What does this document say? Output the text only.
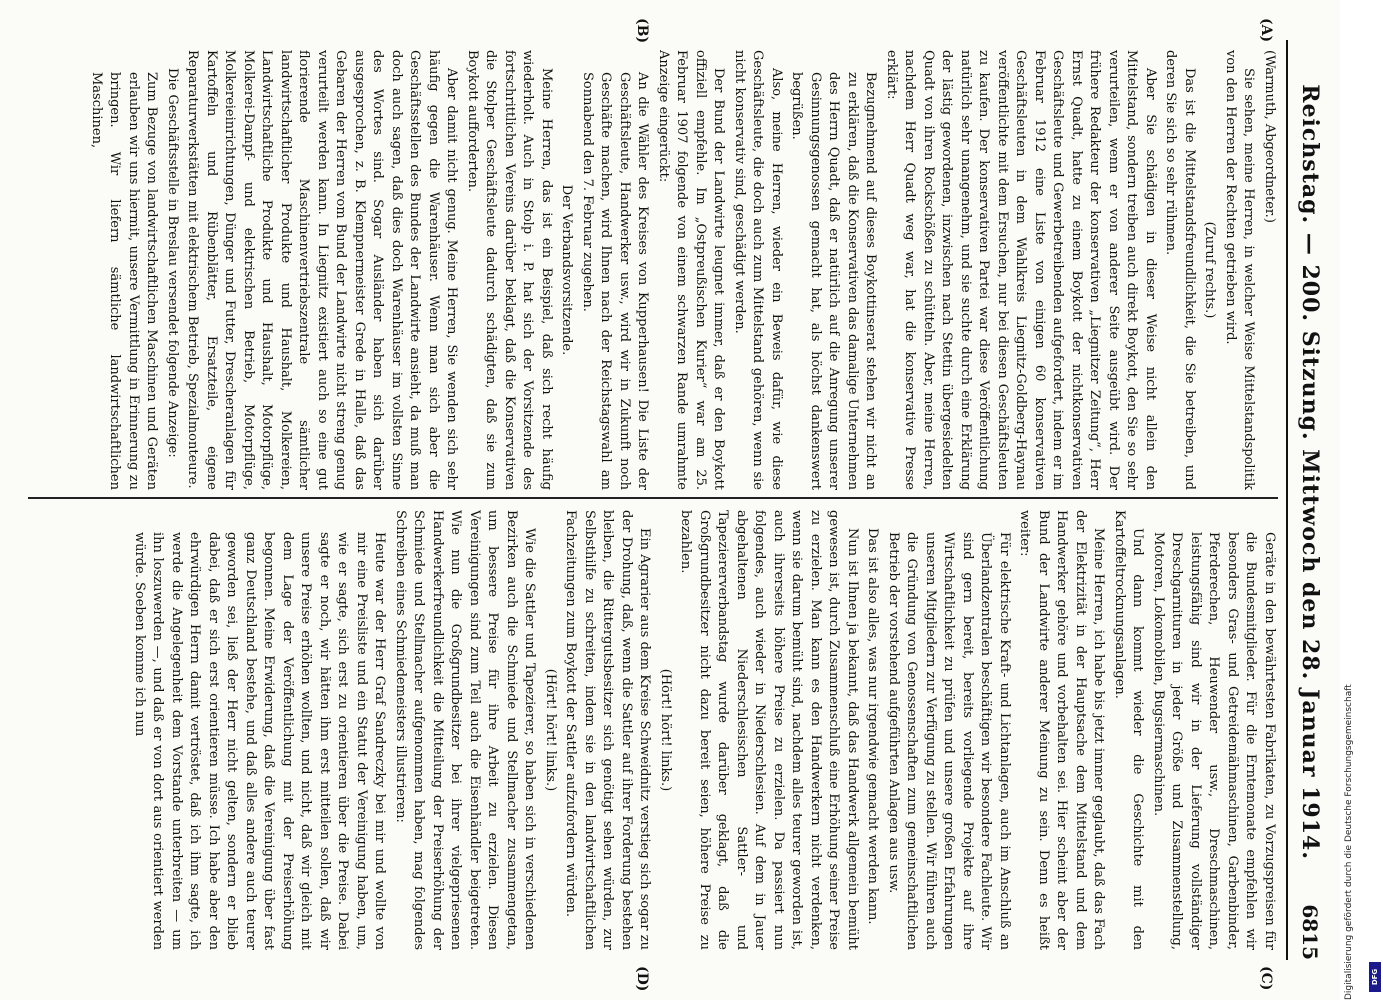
Reichstag. — 200. Sitzung. Mittwoch den 28. Januar 1914.
6815
(A)
(B)
(C)
(D)

(Warmuth, Abgeordneter.)

Sie sehen, meine Herren, in welcher Weise Mittelstandspolitik von den Herren der Rechten getrieben wird.

(Zuruf rechts.)

Das ist die Mittelstandsfreundlichkeit, die Sie betreiben, und deren Sie sich so sehr rühmen.

Aber Sie schädigen in dieser Weise nicht allein den Mittelstand, sondern treiben auch direkt Boykott, den Sie so sehr verurteilen, wenn er von anderer Seite ausgeübt wird. Der frühere Redakteur der konservativen „Liegnitzer Zeitung“, Herr Ernst Quadt, hatte zu einem Boykott der nichtkonservativen Geschäftsleute und Gewerbetreibenden aufgefordert, indem er im Februar 1912 eine Liste von einigen 60 konservativen Geschäftsleuten in dem Wahlkreis Liegnitz-Goldberg-Haynau veröffentlichte mit dem Ersuchen, nur bei diesen Geschäftsleuten zu kaufen. Der konservativen Partei war diese Veröffentlichung natürlich sehr unangenehm, und sie suchte durch eine Erklärung der lästig gewordenen, inzwischen nach Stettin übergesiedelten Quadt von ihren Rockschößen zu schütteln. Aber, meine Herren, nachdem Herr Quadt weg war, hat die konservative Presse erklärt:

Bezugnehmend auf dieses Boykottinserat stehen wir nicht an zu erklären, daß die Konservativen das damalige Unternehmen des Herrn Quadt, daß er natürlich auf die Anregung unserer Gesinnungsgenossen gemacht hat, als höchst dankenswert begrüßen.

Also, meine Herren, wieder ein Beweis dafür, wie diese Geschäftsleute, die doch auch zum Mittelstand gehören, wenn sie nicht konservativ sind, geschädigt werden.

Der Bund der Landwirte leugnet immer, daß er den Boykott offiziell empfehle. Im „Ostpreußischen Kurier“ war am 25. Februar 1907 folgende von einem schwarzen Rande umrahmte Anzeige eingerückt:

An die Wähler des Kreises von Kupperhausen! Die Liste der Geschäftsleute, Handwerker usw., wird wir in Zukunft noch Geschäfte machen, wird Ihnen nach der Reichstagswahl am Sonnabend den 7. Februar zugehen.

Der Verbandsvorsitzende.

Meine Herren, das ist ein Beispiel, daß sich recht häufig wiederholt. Auch in Stolp i. P. hat sich der Vorsitzende des fortschrittlichen Vereins darüber beklagt, daß die Konservativen die Stolper Geschäftsleute dadurch schädigten, daß sie zum Boykott aufforderten.

Aber damit nicht genug. Meine Herren, Sie wenden sich sehr häufig gegen die Warenhäuser. Wenn man sich aber die Geschäftsstellen des Bundes der Landwirte ansieht, da muß man doch auch sagen, daß dies doch Warenhäuser im vollsten Sinne des Wortes sind. Sogar Ausländer haben sich darüber ausgesprochen, z. B. Klempnermeister Grede in Halle, daß das Gebaren der Herren vom Bund der Landwirte nicht streng genug verurteilt werden kann. In Liegnitz existiert auch so eine gut florierende Maschinenvertriebszentrale sämtlicher landwirtschaftlicher Produkte und Haushalt, Molkereien, Landwirtschaftliche Produkte und Haushalt, Motorpflüge, Molkerei-Dampf- und elektrischen Betrieb, Motorpflüge, Molkereieinrichtungen, Dünger und Futter, Drescheranlagen für Kartoffeln und Rübenblätter, Ersatzteile, eigene Reparaturwerkstätten mit elektrischem Betrieb, Spezialmonteure.

Die Geschäftsstelle in Breslau versendet folgende Anzeige:

Zum Bezuge von landwirtschaftlichen Maschinen und Geräten erlauben wir uns hiermit, unsere Vermittlung in Erinnerung zu bringen. Wir liefern sämtliche landwirtschaftlichen Maschinen,

Geräte in den bewährtesten Fabrikaten, zu Vorzugspreisen für die Bundesmitglieder. Für die Erntemonate empfehlen wir besonders Gras- und Getreidemähmaschinen, Garbenbinder, Pferderechen, Heuwender usw., Dreschmaschinen, leistungsfähig sind wir in der Lieferung vollständiger Dreschgarnituren in jeder Größe und Zusammenstellung, Motoren, Lokomobilen, Bugsiermaschinen.

Und dann kommt wieder die Geschichte mit den Kartoffeltrocknungsanlagen.

Meine Herren, ich habe bis jetzt immer geglaubt, daß das Fach der Elektrizität in der Hauptsache dem Mittelstand und dem Handwerker gehöre und vorbehalten sei. Hier scheint aber der Bund der Landwirte anderer Meinung zu sein. Denn es heißt weiter:

Für elektrische Kraft- und Lichtanlagen, auch im Anschluß an Überlandzentralen beschäftigen wir besondere Fachleute. Wir sind gern bereit, bereits vorliegende Projekte auf ihre Wirtschaftlichkeit zu prüfen und unsere großen Erfahrungen unseren Mitgliedern zur Verfügung zu stellen. Wir führen auch die Gründung von Genossenschaften zum gemeinschaftlichen Betrieb der vorstehend aufgeführten Anlagen aus usw.

Das ist also alles, was nur irgendwie gemacht werden kann.

Nun ist Ihnen ja bekannt, daß das Handwerk allgemein bemüht gewesen ist, durch Zusammenschluß eine Erhöhung seiner Preise zu erzielen. Man kann es den Handwerkern nicht verdenken, wenn sie darum bemüht sind, nachdem alles teurer geworden ist, auch ihrerseits höhere Preise zu erzielen. Da passiert nun folgendes, auch wieder in Niederschlesien. Auf dem in Jauer abgehaltenen Niederschlesischen Sattler- und Tapeziererverbandstag wurde darüber geklagt, daß die Großgrundbesitzer nicht dazu bereit seien, höhere Preise zu bezahlen.

(Hört! hört! links.)

Ein Agrarier aus dem Kreise Schweidnitz verstieg sich sogar zu der Drohung, daß, wenn die Sattler auf ihrer Forderung bestehen bleiben, die Rittergutsbesitzer sich genötigt sehen würden, zur Selbsthilfe zu schreiten, indem sie in den landwirtschaftlichen Fachzeitungen zum Boykott der Sattler aufzufordern würden.

(Hört! hört! links.)

Wie die Sattler und Tapezierer, so haben sich in verschiedenen Bezirken auch die Schmiede und Stellmacher zusammengetan, um bessere Preise für ihre Arbeit zu erzielen. Diesen Vereinigungen sind zum Teil auch die Eisenhändler beigetreten. Wie nun die Großgrundbesitzer bei ihrer vielgepriesenen Handwerkerfreundlichkeit die Mitteilung der Preiserhöhung der Schmiede und Stellmacher aufgenommen haben, mag folgendes Schreiben eines Schmiedemeisters illustrieren:

Heute war der Herr Graf Sandreczky bei mir und wollte von mir eine Preisliste und ein Statut der Vereinigung haben, um, wie er sagte, sich erst zu orientieren über die Preise. Dabei sagte er noch, wir hätten ihm erst mitteilen sollen, daß wir unsere Preise erhöhen wollten, und nicht, daß wir gleich mit dem Lage der Veröffentlichung mit der Preiserhöhung begonnen. Meine Erwiderung, daß die Vereinigung über fast ganz Deutschland bestehe, und daß alles andere auch teurer geworden sei, ließ der Herr nicht gelten, sondern er blieb dabei, daß er sich erst orientieren müsse. Ich habe aber den ehrwürdigen Herrn damit vertröstet, daß ich ihm sagte, ich werde die Angelegenheit dem Vorstande unterbreiten — um ihn loszuwerden —, und daß er von dort aus orientiert werden würde. Soeben komme ich nun

Digitalisierung gefördert durch die Deutsche Forschungsgemeinschaft DFG
